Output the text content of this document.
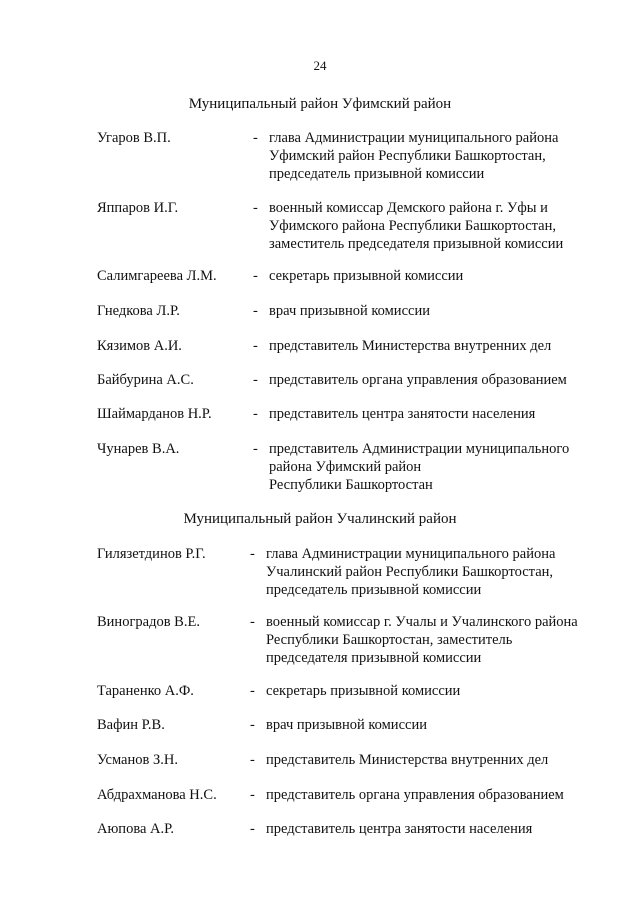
24
Муниципальный район Уфимский район
Угаров В.П.	- глава Администрации муниципального района
Уфимский район Республики Башкортостан,
председатель призывной комиссии
Яппаров И.Г.	- военный комиссар Демского района г. Уфы и
Уфимского района Республики Башкортостан,
заместитель председателя призывной комиссии
Салимгареева Л.М.	- секретарь призывной комиссии
Гнедкова Л.Р.	- врач призывной комиссии
Кязимов А.И.	- представитель Министерства внутренних дел
Байбурина А.С.	- представитель органа управления образованием
Шаймарданов Н.Р.	- представитель центра занятости населения
Чунарев В.А.	- представитель Администрации муниципального
района Уфимский район
Республики Башкортостан
Муниципальный район Учалинский район
Гилязетдинов Р.Г.	- глава Администрации муниципального района
Учалинский район Республики Башкортостан,
председатель призывной комиссии
Виноградов В.Е.	- военный комиссар г. Учалы и Учалинского района
Республики Башкортостан, заместитель
председателя призывной комиссии
Тараненко А.Ф.	- секретарь призывной комиссии
Вафин Р.В.	- врач призывной комиссии
Усманов З.Н.	- представитель Министерства внутренних дел
Абдрахманова Н.С. - представитель органа управления образованием
Аюпова А.Р.	- представитель центра занятости населения
